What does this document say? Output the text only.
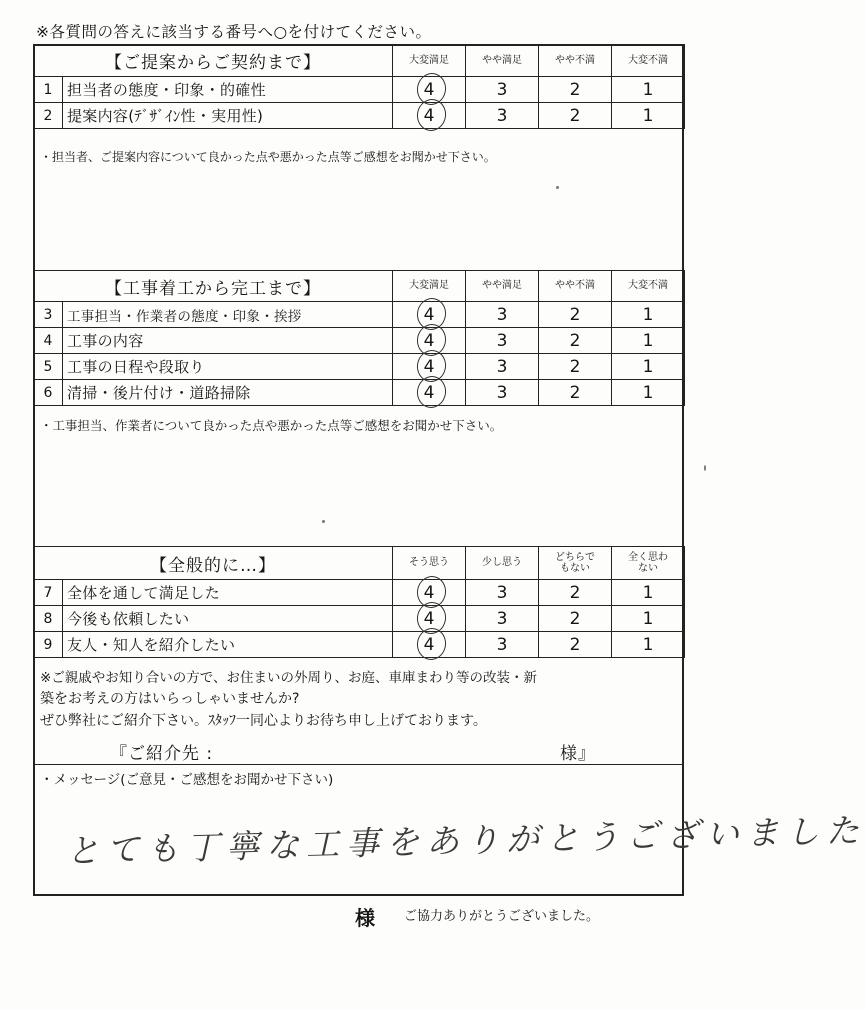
※各質問の答えに該当する番号へ○を付けてください。
【ご提案からご契約まで】		大変満足	やや満足	やや不満	大変不満
1	担当者の態度・印象・的確性	4	3	2	1
2	提案内容(ﾃﾞｻﾞｲﾝ性・実用性)	4	3	2	1
・担当者、ご提案内容について良かった点や悪かった点等ご感想をお聞かせ下さい。
【工事着工から完工まで】		大変満足	やや満足	やや不満	大変不満
3	工事担当・作業者の態度・印象・挨拶	4	3	2	1
4	工事の内容	4	3	2	1
5	工事の日程や段取り	4	3	2	1
6	清掃・後片付け・道路掃除	4	3	2	1
・工事担当、作業者について良かった点や悪かった点等ご感想をお聞かせ下さい。
【全般的に…】		そう思う	少し思う	どちらでもない	全く思わない
7	全体を通して満足した	4	3	2	1
8	今後も依頼したい	4	3	2	1
9	友人・知人を紹介したい	4	3	2	1
※ご親戚やお知り合いの方で、お住まいの外周り、お庭、車庫まわり等の改装・新
築をお考えの方はいらっしゃいませんか?
ぜひ弊社にご紹介下さい。ｽﾀｯﾌ一同心よりお待ち申し上げております。
『ご紹介先 :	様』
・メッセージ(ご意見・ご感想をお聞かせ下さい)
とても丁寧な工事をありがとうございました
様 ご協力ありがとうございました。
